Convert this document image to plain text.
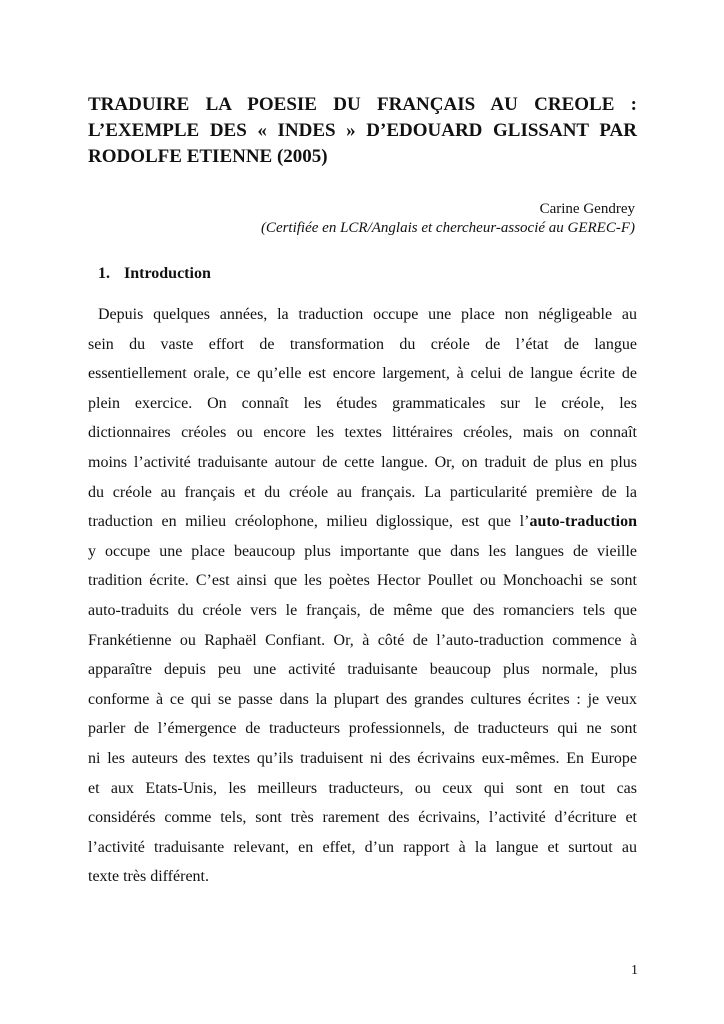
TRADUIRE LA POESIE DU FRANÇAIS AU CREOLE :
L’EXEMPLE DES « INDES » D’EDOUARD GLISSANT PAR
RODOLFE ETIENNE (2005)

Carine Gendrey

(Certifiée en LCR/Anglais et chercheur-associé au GEREC-F)

1. Introduction
Depuis quelques années, la traduction occupe une place non négligeable au
sein du vaste effort de transformation du créole de l’état de langue
essentiellement orale, ce qu’elle est encore largement, à celui de langue écrite de
plein exercice. On connaît les études grammaticales sur le créole, les
dictionnaires créoles ou encore les textes littéraires créoles, mais on connaît
moins l’activité traduisante autour de cette langue. Or, on traduit de plus en plus
du créole au français et du créole au français. La particularité première de la
traduction en milieu créolophone, milieu diglossique, est que l’auto-traduction
y occupe une place beaucoup plus importante que dans les langues de vieille
tradition écrite. C’est ainsi que les poètes Hector Poullet ou Monchoachi se sont
auto-traduits du créole vers le français, de même que des romanciers tels que
Frankétienne ou Raphaël Confiant. Or, à côté de l’auto-traduction commence à
apparaître depuis peu une activité traduisante beaucoup plus normale, plus
conforme à ce qui se passe dans la plupart des grandes cultures écrites : je veux
parler de l’émergence de traducteurs professionnels, de traducteurs qui ne sont
ni les auteurs des textes qu’ils traduisent ni des écrivains eux-mêmes. En Europe
et aux Etats-Unis, les meilleurs traducteurs, ou ceux qui sont en tout cas
considérés comme tels, sont très rarement des écrivains, l’activité d’écriture et
l’activité traduisante relevant, en effet, d’un rapport à la langue et surtout au
texte très différent.

1
